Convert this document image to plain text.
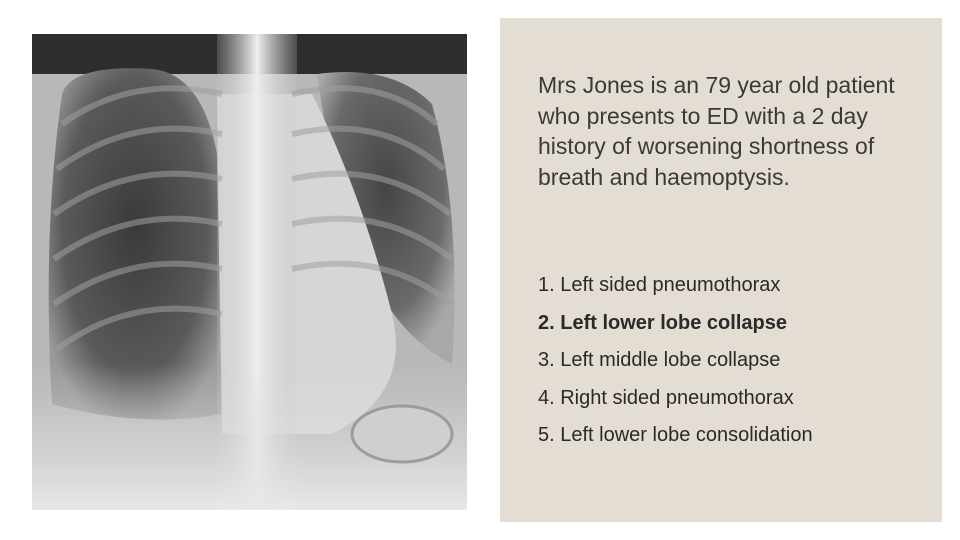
Mrs Jones is an 79 year old patient who presents to ED with a 2 day history of worsening shortness of breath and haemoptysis.

1. Left sided pneumothorax
2. Left lower lobe collapse
3. Left middle lobe collapse
4. Right sided pneumothorax
5. Left lower lobe consolidation
